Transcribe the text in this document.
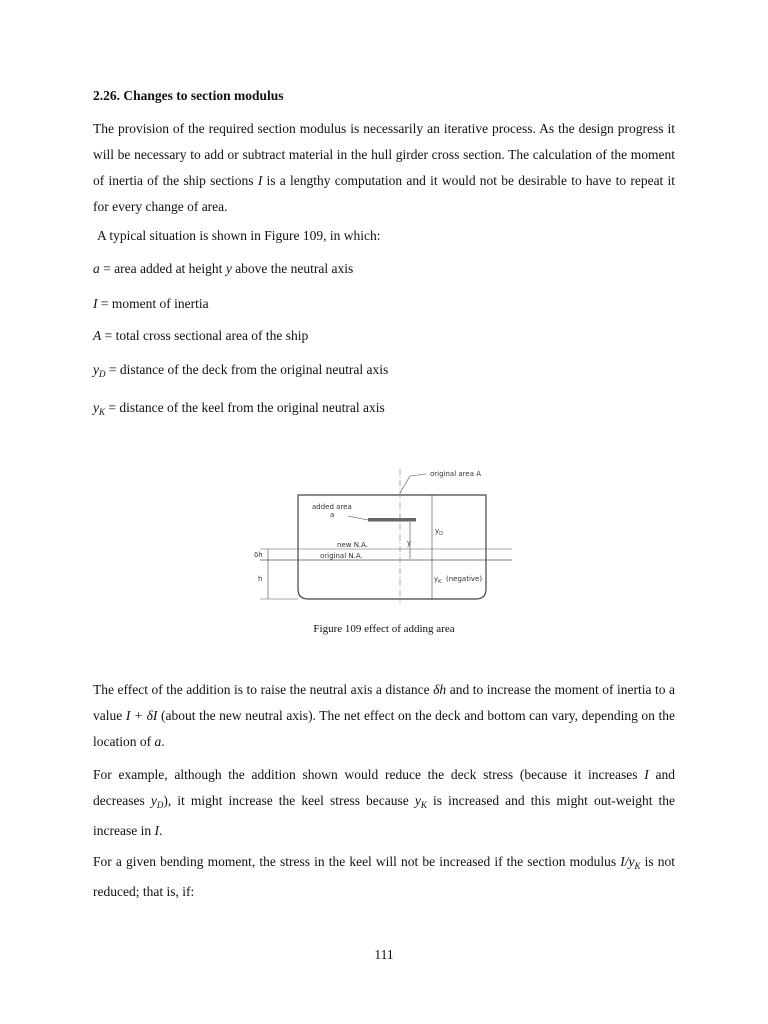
2.26. Changes to section modulus
The provision of the required section modulus is necessarily an iterative process. As the design progress it will be necessary to add or subtract material in the hull girder cross section. The calculation of the moment of inertia of the ship sections I is a lengthy computation and it would not be desirable to have to repeat it for every change of area.
A typical situation is shown in Figure 109, in which:
a = area added at height y above the neutral axis
I = moment of inertia
A = total cross sectional area of the ship
$y_D$ = distance of the deck from the original neutral axis
$y_K$ = distance of the keel from the original neutral axis
original area A
added area
a
$y_D$
y
new N.A.
original N.A.
δh
h	$y_K$ (negative)
Figure 109 effect of adding area
The effect of the addition is to raise the neutral axis a distance δh and to increase the moment of inertia to a value I + δI (about the new neutral axis). The net effect on the deck and bottom can vary, depending on the location of a.
For example, although the addition shown would reduce the deck stress (because it increases I and decreases $y_D$), it might increase the keel stress because $y_K$ is increased and this might out-weight the increase in I.
For a given bending moment, the stress in the keel will not be increased if the section modulus $I/y_K$ is not reduced; that is, if:
111
